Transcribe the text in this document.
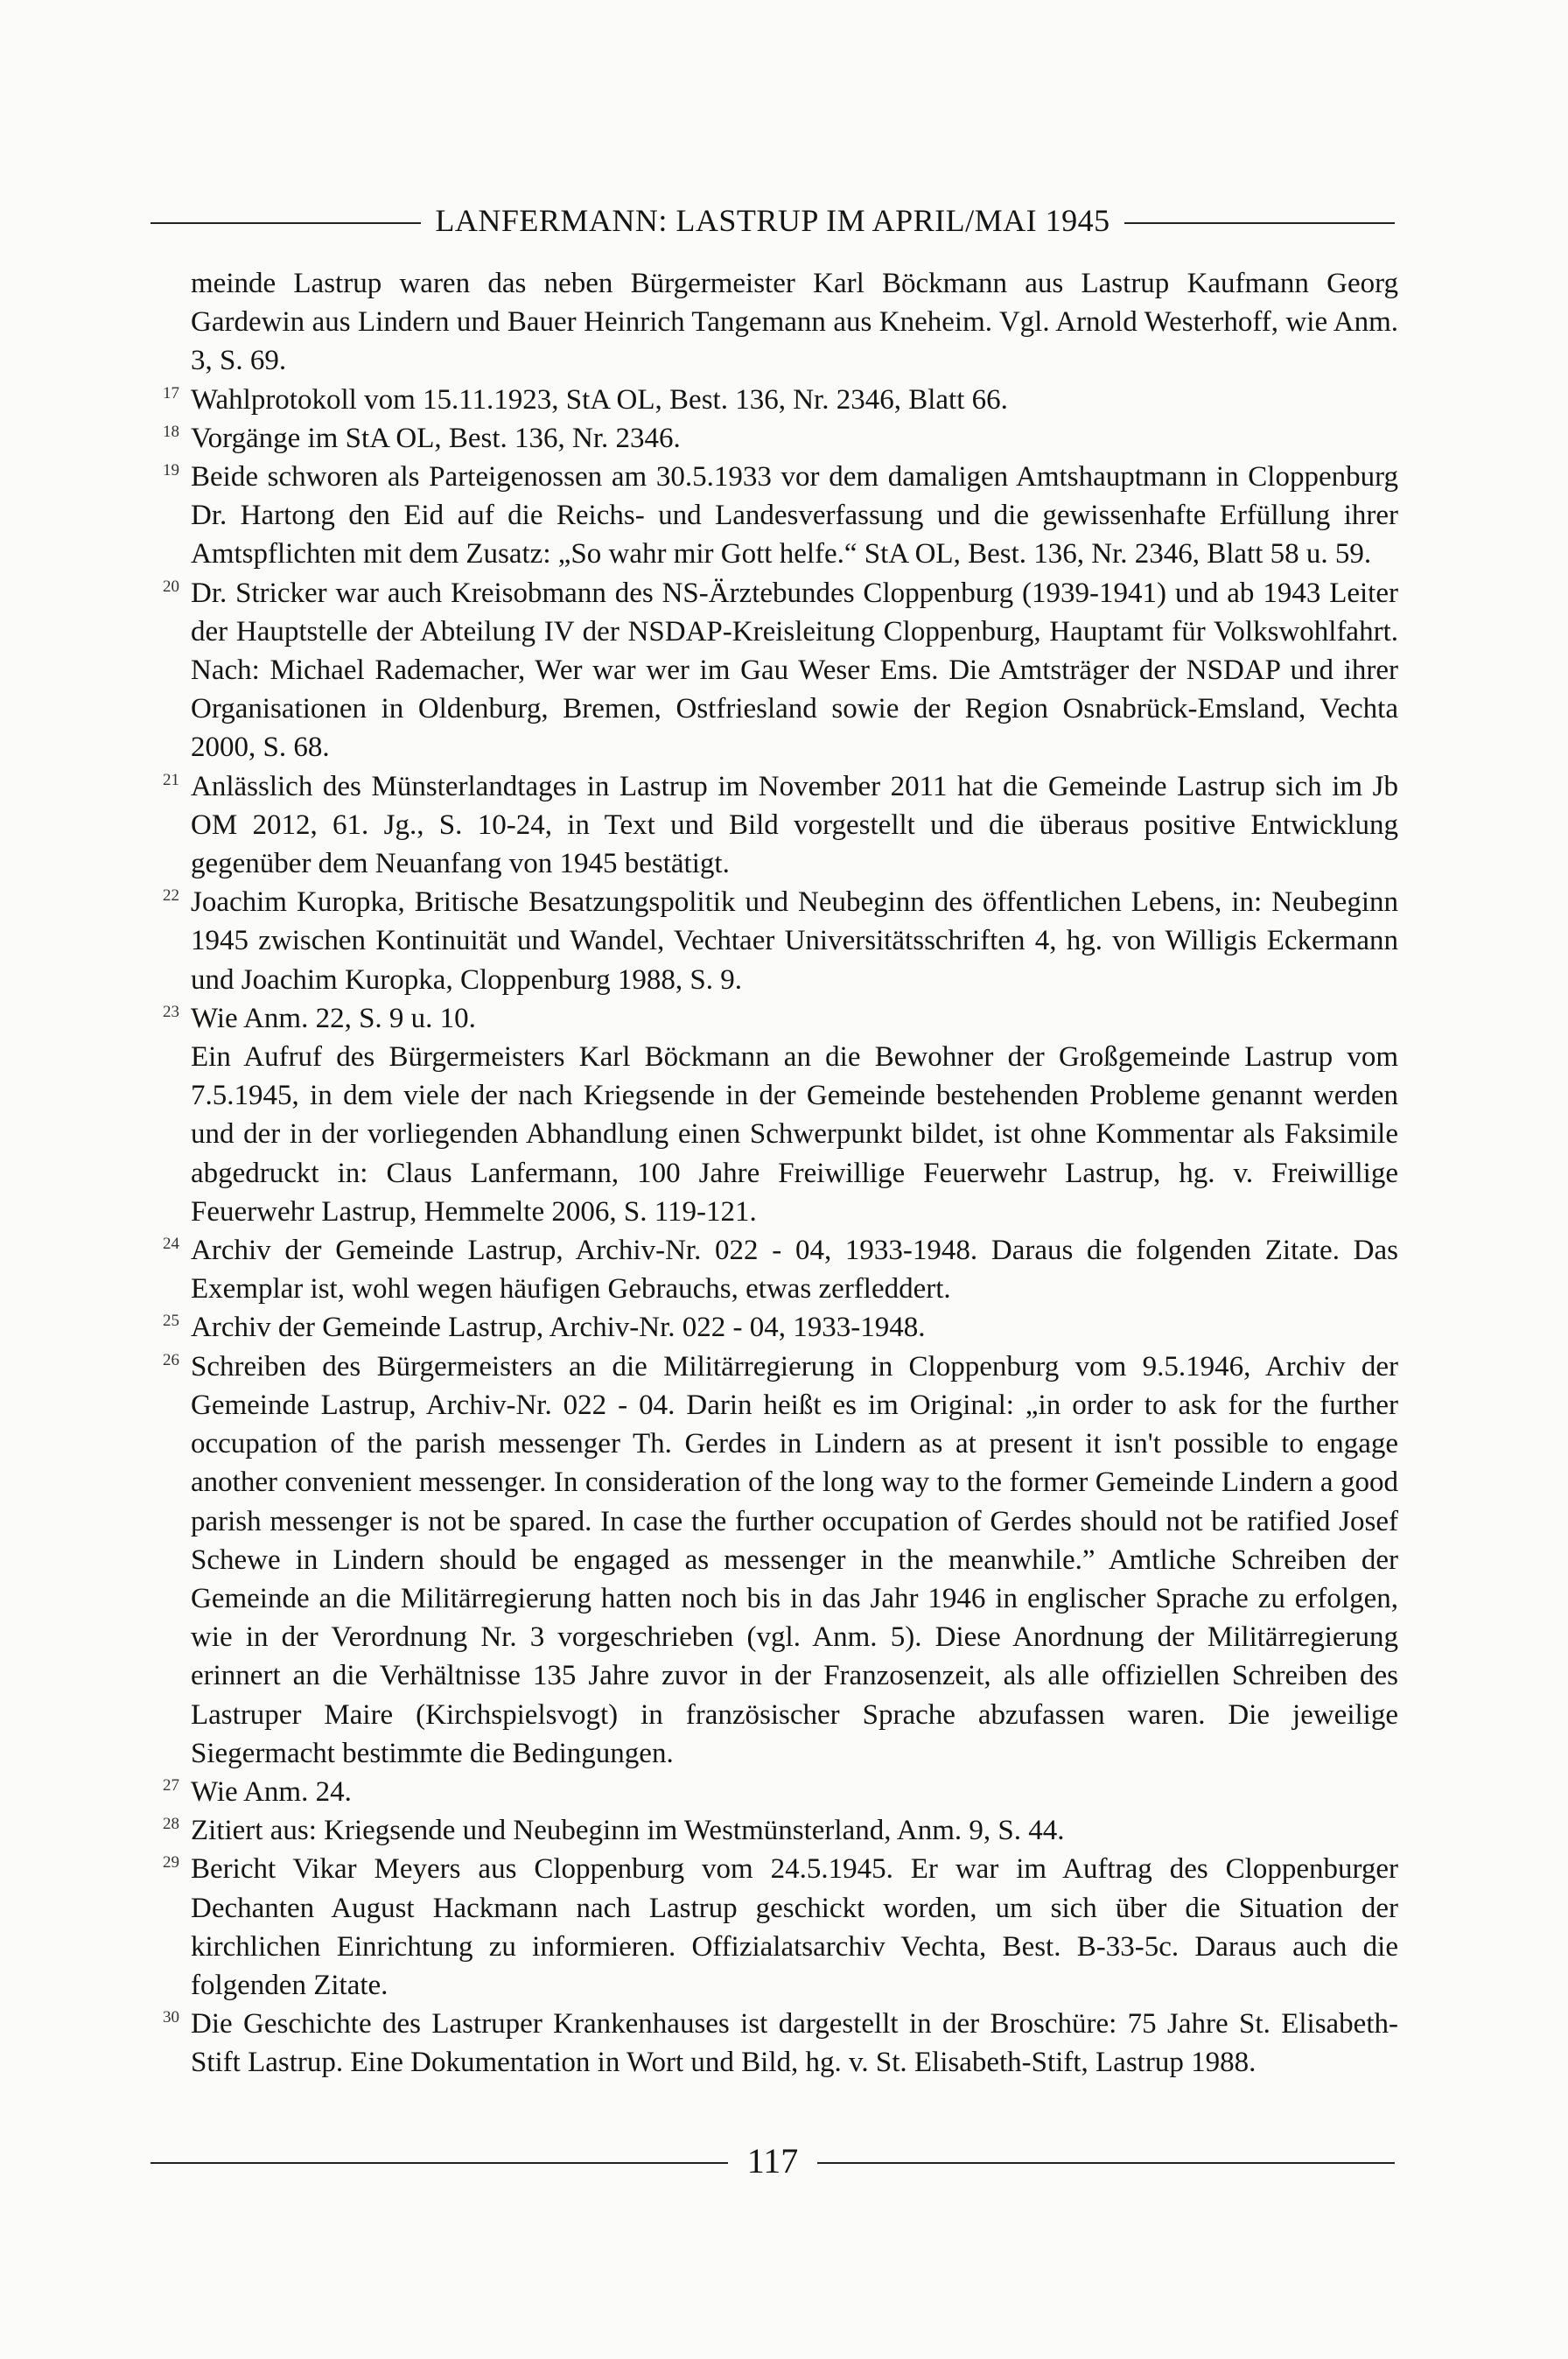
LANFERMANN: LASTRUP IM APRIL/MAI 1945
meinde Lastrup waren das neben Bürgermeister Karl Böckmann aus Lastrup Kaufmann Georg Gardewin aus Lindern und Bauer Heinrich Tangemann aus Kneheim. Vgl. Arnold Westerhoff, wie Anm. 3, S. 69.
17 Wahlprotokoll vom 15.11.1923, StA OL, Best. 136, Nr. 2346, Blatt 66.

18 Vorgänge im StA OL, Best. 136, Nr. 2346.

19 Beide schworen als Parteigenossen am 30.5.1933 vor dem damaligen Amtshauptmann in Cloppenburg Dr. Hartong den Eid auf die Reichs- und Landesverfassung und die gewissenhafte Erfüllung ihrer Amtspflichten mit dem Zusatz: „So wahr mir Gott helfe.“ StA OL, Best. 136, Nr. 2346, Blatt 58 u. 59.

20 Dr. Stricker war auch Kreisobmann des NS-Ärztebundes Cloppenburg (1939-1941) und ab 1943 Leiter der Hauptstelle der Abteilung IV der NSDAP-Kreisleitung Cloppenburg, Hauptamt für Volkswohlfahrt. Nach: Michael Rademacher, Wer war wer im Gau Weser Ems. Die Amtsträger der NSDAP und ihrer Organisationen in Oldenburg, Bremen, Ostfriesland sowie der Region Osnabrück-Emsland, Vechta 2000, S. 68.

21 Anlässlich des Münsterlandtages in Lastrup im November 2011 hat die Gemeinde Lastrup sich im Jb OM 2012, 61. Jg., S. 10-24, in Text und Bild vorgestellt und die überaus positive Entwicklung gegenüber dem Neuanfang von 1945 bestätigt.

22 Joachim Kuropka, Britische Besatzungspolitik und Neubeginn des öffentlichen Lebens, in: Neubeginn 1945 zwischen Kontinuität und Wandel, Vechtaer Universitätsschriften 4, hg. von Willigis Eckermann und Joachim Kuropka, Cloppenburg 1988, S. 9.

23 Wie Anm. 22, S. 9 u. 10.

Ein Aufruf des Bürgermeisters Karl Böckmann an die Bewohner der Großgemeinde Lastrup vom 7.5.1945, in dem viele der nach Kriegsende in der Gemeinde bestehenden Probleme genannt werden und der in der vorliegenden Abhandlung einen Schwerpunkt bildet, ist ohne Kommentar als Faksimile abgedruckt in: Claus Lanfermann, 100 Jahre Freiwillige Feuerwehr Lastrup, hg. v. Freiwillige Feuerwehr Lastrup, Hemmelte 2006, S. 119-121.

24 Archiv der Gemeinde Lastrup, Archiv-Nr. 022 - 04, 1933-1948. Daraus die folgenden Zitate. Das Exemplar ist, wohl wegen häufigen Gebrauchs, etwas zerfleddert.

25 Archiv der Gemeinde Lastrup, Archiv-Nr. 022 - 04, 1933-1948.

26 Schreiben des Bürgermeisters an die Militärregierung in Cloppenburg vom 9.5.1946, Archiv der Gemeinde Lastrup, Archiv-Nr. 022 - 04. Darin heißt es im Original: „in order to ask for the further occupation of the parish messenger Th. Gerdes in Lindern as at present it isn't possible to engage another convenient messenger. In consideration of the long way to the former Gemeinde Lindern a good parish messenger is not be spared. In case the further occupation of Gerdes should not be ratified Josef Schewe in Lindern should be engaged as messenger in the meanwhile.” Amtliche Schreiben der Gemeinde an die Militärregierung hatten noch bis in das Jahr 1946 in englischer Sprache zu erfolgen, wie in der Verordnung Nr. 3 vorgeschrieben (vgl. Anm. 5). Diese Anordnung der Militärregierung erinnert an die Verhältnisse 135 Jahre zuvor in der Franzosenzeit, als alle offiziellen Schreiben des Lastruper Maire (Kirchspielsvogt) in französischer Sprache abzufassen waren. Die jeweilige Siegermacht bestimmte die Bedingungen.

27 Wie Anm. 24.

28 Zitiert aus: Kriegsende und Neubeginn im Westmünsterland, Anm. 9, S. 44.

29 Bericht Vikar Meyers aus Cloppenburg vom 24.5.1945. Er war im Auftrag des Cloppenburger Dechanten August Hackmann nach Lastrup geschickt worden, um sich über die Situation der kirchlichen Einrichtung zu informieren. Offizialatsarchiv Vechta, Best. B-33-5c. Daraus auch die folgenden Zitate.

30 Die Geschichte des Lastruper Krankenhauses ist dargestellt in der Broschüre: 75 Jahre St. Elisabeth-Stift Lastrup. Eine Dokumentation in Wort und Bild, hg. v. St. Elisabeth-Stift, Lastrup 1988.

117
